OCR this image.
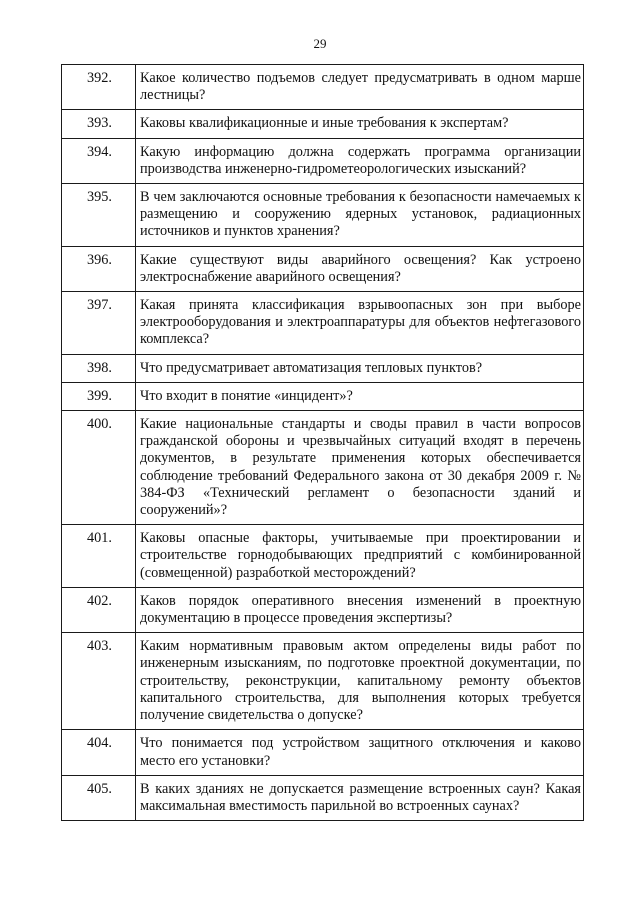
29
392.	Какое количество подъемов следует предусматривать в одном марше лестницы?
393.	Каковы квалификационные и иные требования к экспертам?
394.	Какую информацию должна содержать программа организации производства инженерно-гидрометеорологических изысканий?
395.	В чем заключаются основные требования к безопасности намечаемых к размещению и сооружению ядерных установок, радиационных источников и пунктов хранения?
396.	Какие существуют виды аварийного освещения? Как устроено электроснабжение аварийного освещения?
397.	Какая принята классификация взрывоопасных зон при выборе электрооборудования и электроаппаратуры для объектов нефтегазового комплекса?
398.	Что предусматривает автоматизация тепловых пунктов?
399.	Что входит в понятие «инцидент»?
400.	Какие национальные стандарты и своды правил в части вопросов гражданской обороны и чрезвычайных ситуаций входят в перечень документов, в результате применения которых обеспечивается соблюдение требований Федерального закона от 30 декабря 2009 г. № 384-ФЗ «Технический регламент о безопасности зданий и сооружений»?
401.	Каковы опасные факторы, учитываемые при проектировании и строительстве горнодобывающих предприятий с комбинированной (совмещенной) разработкой месторождений?
402.	Каков порядок оперативного внесения изменений в проектную документацию в процессе проведения экспертизы?
403.	Каким нормативным правовым актом определены виды работ по инженерным изысканиям, по подготовке проектной документации, по строительству, реконструкции, капитальному ремонту объектов капитального строительства, для выполнения которых требуется получение свидетельства о допуске?
404.	Что понимается под устройством защитного отключения и каково место его установки?
405.	В каких зданиях не допускается размещение встроенных саун? Какая максимальная вместимость парильной во встроенных саунах?
